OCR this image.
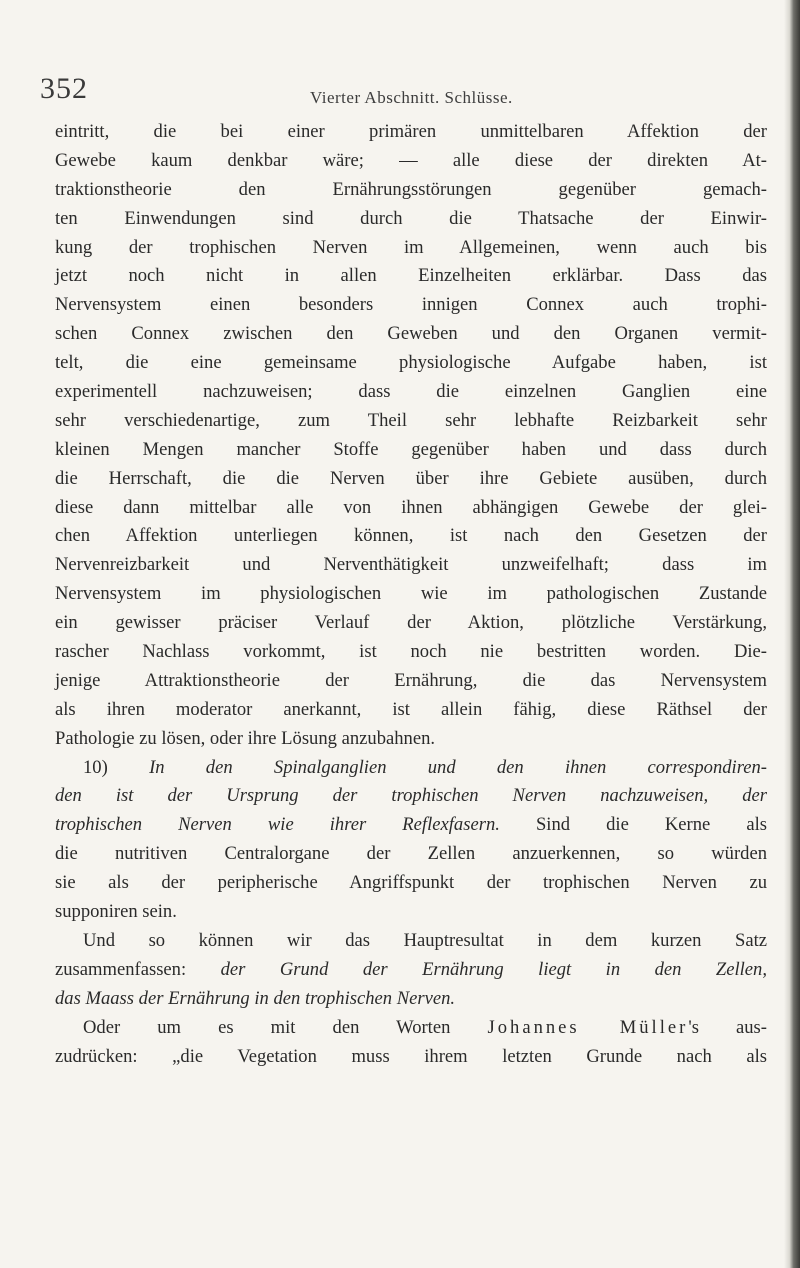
352	Vierter Abschnitt. Schlüsse.
eintritt, die bei einer primären unmittelbaren Affektion der
Gewebe kaum denkbar wäre; — alle diese der direkten At-
traktionstheorie den Ernährungsstörungen gegenüber gemach-
ten Einwendungen sind durch die Thatsache der Einwir-
kung der trophischen Nerven im Allgemeinen, wenn auch bis
jetzt noch nicht in allen Einzelheiten erklärbar. Dass das
Nervensystem einen besonders innigen Connex auch trophi-
schen Connex zwischen den Geweben und den Organen vermit-
telt, die eine gemeinsame physiologische Aufgabe haben, ist
experimentell nachzuweisen; dass die einzelnen Ganglien eine
sehr verschiedenartige, zum Theil sehr lebhafte Reizbarkeit sehr
kleinen Mengen mancher Stoffe gegenüber haben und dass durch
die Herrschaft, die die Nerven über ihre Gebiete ausüben, durch
diese dann mittelbar alle von ihnen abhängigen Gewebe der glei-
chen Affektion unterliegen können, ist nach den Gesetzen der
Nervenreizbarkeit und Nerventhätigkeit unzweifelhaft; dass im
Nervensystem im physiologischen wie im pathologischen Zustande
ein gewisser präciser Verlauf der Aktion, plötzliche Verstärkung,
rascher Nachlass vorkommt, ist noch nie bestritten worden. Die-
jenige Attraktionstheorie der Ernährung, die das Nervensystem
als ihren moderator anerkannt, ist allein fähig, diese Räthsel der
Pathologie zu lösen, oder ihre Lösung anzubahnen.
10) In den Spinalganglien und den ihnen correspondiren-
den ist der Ursprung der trophischen Nerven nachzuweisen, der
trophischen Nerven wie ihrer Reflexfasern. Sind die Kerne als
die nutritiven Centralorgane der Zellen anzuerkennen, so würden
sie als der peripherische Angriffspunkt der trophischen Nerven zu
supponiren sein.
Und so können wir das Hauptresultat in dem kurzen Satz
zusammenfassen: der Grund der Ernährung liegt in den Zellen,
das Maass der Ernährung in den trophischen Nerven.
Oder um es mit den Worten Johannes Müller's aus-
zudrücken: „die Vegetation muss ihrem letzten Grunde nach als
